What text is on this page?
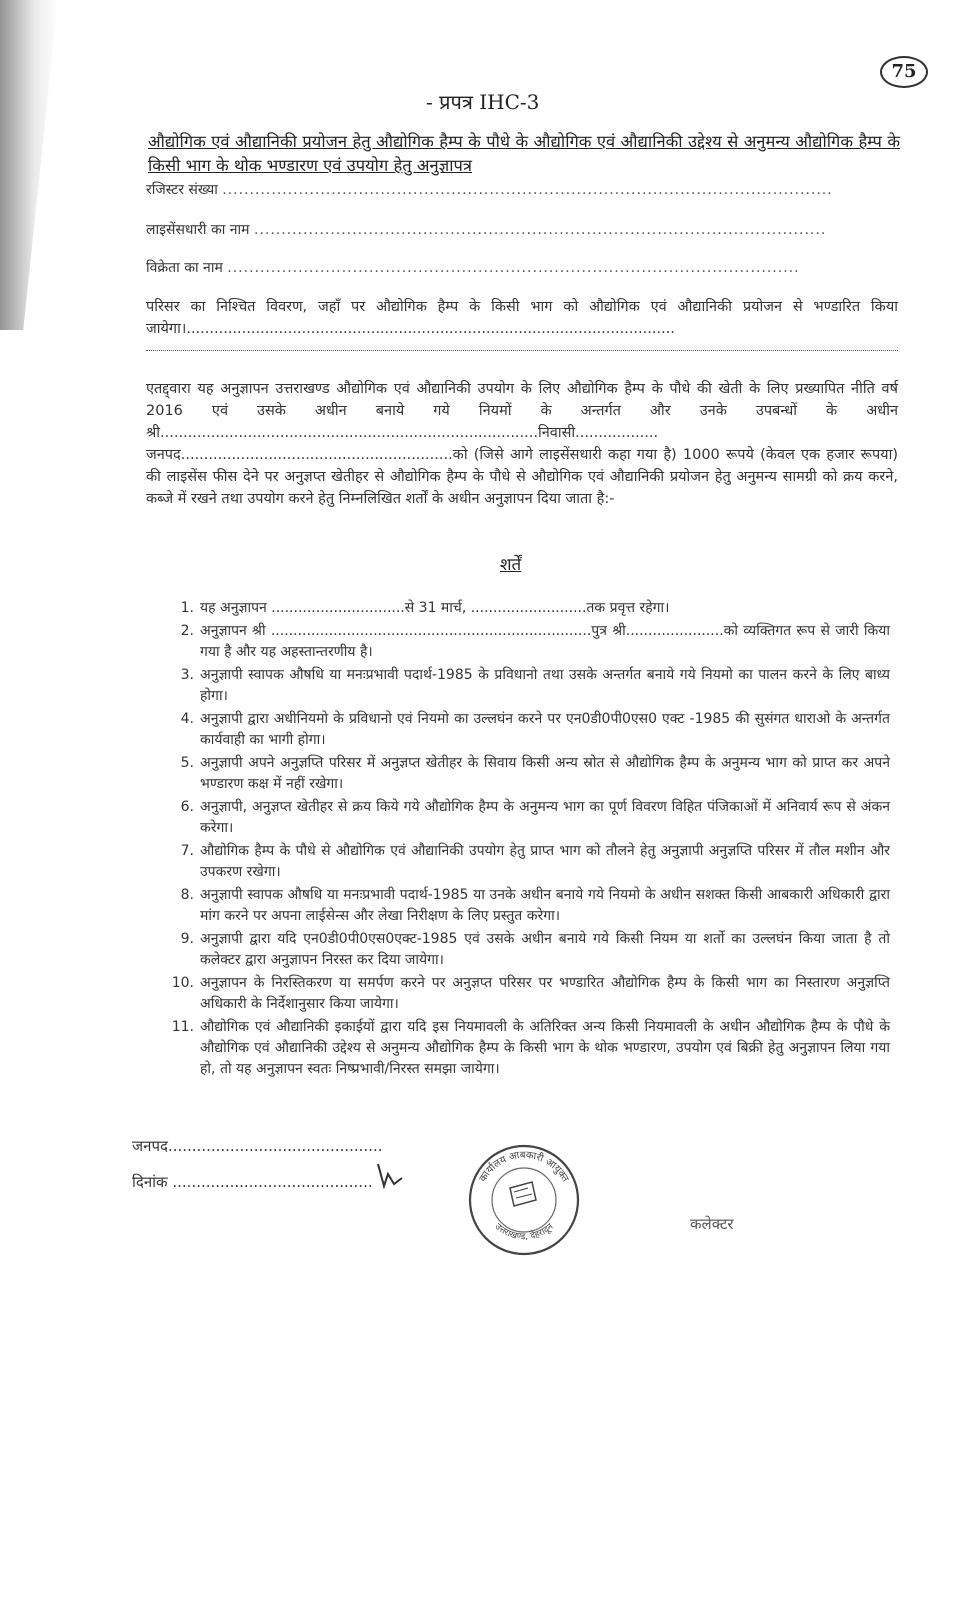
75
- प्रपत्र IHC-3
औद्योगिक एवं औद्यानिकी प्रयोजन हेतु औद्योगिक हैम्प के पौधे के औद्योगिक एवं औद्यानिकी उद्देश्य से अनुमन्य औद्योगिक हैम्प के किसी भाग के थोक भण्डारण एवं उपयोग हेतु अनुज्ञापत्र
रजिस्टर संख्या ................................................................................................................
लाइसेंसधारी का नाम .........................................................................................................
विक्रेता का नाम .........................................................................................................
परिसर का निश्चित विवरण, जहाँ पर औद्योगिक हैम्प के किसी भाग को औद्योगिक एवं औद्यानिकी प्रयोजन से भण्डारित किया जायेगा।..........................................................................................................
एतद्द्वारा यह अनुज्ञापन उत्तराखण्ड औद्योगिक एवं औद्यानिकी उपयोग के लिए औद्योगिक हैम्प के पौधे की खेती के लिए प्रख्यापित नीति वर्ष 2016 एवं उसके अधीन बनाये गये नियमों के अन्तर्गत और उनके उपबन्धों के अधीन श्री..................................................................................निवासी.................. जनपद...........................................................को (जिसे आगे लाइसेंसधारी कहा गया है) 1000 रूपये (केवल एक हजार रूपया) की लाइसेंस फीस देने पर अनुज्ञप्त खेतीहर से औद्योगिक हैम्प के पौधे से औद्योगिक एवं औद्यानिकी प्रयोजन हेतु अनुमन्य सामग्री को क्रय करने, कब्जे में रखने तथा उपयोग करने हेतु निम्नलिखित शर्तों के अधीन अनुज्ञापन दिया जाता है:-
शर्तें
1. यह अनुज्ञापन ..............................से 31 मार्च, ..........................तक प्रवृत्त रहेगा।
2. अनुज्ञापन श्री ........................................................................पुत्र श्री......................को व्यक्तिगत रूप से जारी किया गया है और यह अहस्तान्तरणीय है।
3. अनुज्ञापी स्वापक औषधि या मनःप्रभावी पदार्थ-1985 के प्रविधानो तथा उसके अन्तर्गत बनाये गये नियमो का पालन करने के लिए बाध्य होगा।
4. अनुज्ञापी द्वारा अधीनियमो के प्रविधानो एवं नियमो का उल्लघंन करने पर एन0डी0पी0एस0 एक्ट -1985 की सुसंगत धाराओ के अन्तर्गत कार्यवाही का भागी होगा।
5. अनुज्ञापी अपने अनुज्ञप्ति परिसर में अनुज्ञप्त खेतीहर के सिवाय किसी अन्य स्रोत से औद्योगिक हैम्प के अनुमन्य भाग को प्राप्त कर अपने भण्डारण कक्ष में नहीं रखेगा।
6. अनुज्ञापी, अनुज्ञप्त खेतीहर से क्रय किये गये औद्योगिक हैम्प के अनुमन्य भाग का पूर्ण विवरण विहित पंजिकाओं में अनिवार्य रूप से अंकन करेगा।
7. औद्योगिक हैम्प के पौधे से औद्योगिक एवं औद्यानिकी उपयोग हेतु प्राप्त भाग को तौलने हेतु अनुज्ञापी अनुज्ञप्ति परिसर में तौल मशीन और उपकरण रखेगा।
8. अनुज्ञापी स्वापक औषधि या मनःप्रभावी पदार्थ-1985 या उनके अधीन बनाये गये नियमो के अधीन सशक्त किसी आबकारी अधिकारी द्वारा मांग करने पर अपना लाईसेन्स और लेखा निरीक्षण के लिए प्रस्तुत करेगा।
9. अनुज्ञापी द्वारा यदि एन0डी0पी0एस0एक्ट-1985 एवं उसके अधीन बनाये गये किसी नियम या शर्तो का उल्लघंन किया जाता है तो कलेक्टर द्वारा अनुज्ञापन निरस्त कर दिया जायेगा।
10. अनुज्ञापन के निरस्तिकरण या समर्पण करने पर अनुज्ञप्त परिसर पर भण्डारित औद्योगिक हैम्प के किसी भाग का निस्तारण अनुज्ञप्ति अधिकारी के निर्देशानुसार किया जायेगा।
11. औद्योगिक एवं औद्यानिकी इकाईयों द्वारा यदि इस नियमावली के अतिरिक्त अन्य किसी नियमावली के अधीन औद्योगिक हैम्प के पौधे के औद्योगिक एवं औद्यानिकी उद्देश्य से अनुमन्य औद्योगिक हैम्प के किसी भाग के थोक भण्डारण, उपयोग एवं बिक्री हेतु अनुज्ञापन लिया गया हो, तो यह अनुज्ञापन स्वतः निष्प्रभावी/निरस्त समझा जायेगा।
जनपद.............................................
दिनांक ..........................................	कार्यालय आबकारी आयुक्त
उत्तराखण्ड, देहरादून	कलेक्टर
